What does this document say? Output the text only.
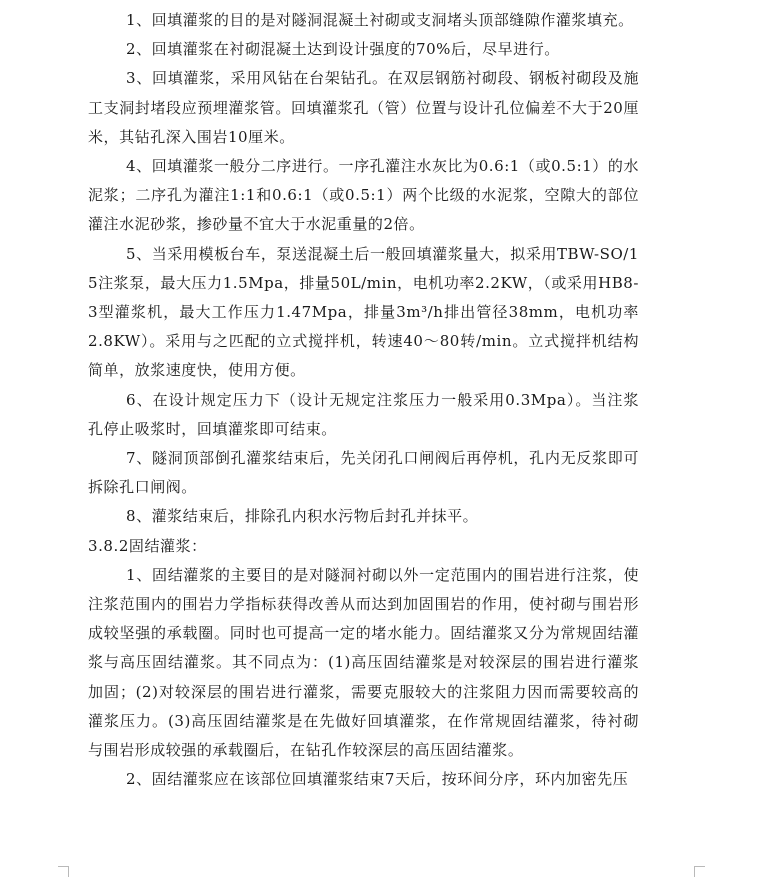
1、回填灌浆的目的是对隧洞混凝土衬砌或支洞堵头顶部缝隙作灌浆填充。

2、回填灌浆在衬砌混凝土达到设计强度的70%后，尽早进行。

3、回填灌浆，采用风钻在台架钻孔。在双层钢筋衬砌段、钢板衬砌段及施工支洞封堵段应预埋灌浆管。回填灌浆孔（管）位置与设计孔位偏差不大于20厘米，其钻孔深入围岩10厘米。

4、回填灌浆一般分二序进行。一序孔灌注水灰比为0.6:1（或0.5:1）的水泥浆；二序孔为灌注1:1和0.6:1（或0.5:1）两个比级的水泥浆，空隙大的部位灌注水泥砂浆，掺砂量不宜大于水泥重量的2倍。

5、当采用模板台车，泵送混凝土后一般回填灌浆量大，拟采用TBW-SO/15注浆泵，最大压力1.5Mpa，排量50L/min，电机功率2.2KW，（或采用HB8-3型灌浆机，最大工作压力1.47Mpa，排量3m³/h排出管径38mm，电机功率2.8KW）。采用与之匹配的立式搅拌机，转速40～80转/min。立式搅拌机结构简单，放浆速度快，使用方便。

6、在设计规定压力下（设计无规定注浆压力一般采用0.3Mpa）。当注浆孔停止吸浆时，回填灌浆即可结束。

7、隧洞顶部倒孔灌浆结束后，先关闭孔口闸阀后再停机，孔内无反浆即可拆除孔口闸阀。

8、灌浆结束后，排除孔内积水污物后封孔并抹平。

3.8.2固结灌浆：

1、固结灌浆的主要目的是对隧洞衬砌以外一定范围内的围岩进行注浆，使注浆范围内的围岩力学指标获得改善从而达到加固围岩的作用，使衬砌与围岩形成较坚强的承载圈。同时也可提高一定的堵水能力。固结灌浆又分为常规固结灌浆与高压固结灌浆。其不同点为：(1)高压固结灌浆是对较深层的围岩进行灌浆加固；(2)对较深层的围岩进行灌浆，需要克服较大的注浆阻力因而需要较高的灌浆压力。(3)高压固结灌浆是在先做好回填灌浆，在作常规固结灌浆，待衬砌与围岩形成较强的承载圈后，在钻孔作较深层的高压固结灌浆。

2、固结灌浆应在该部位回填灌浆结束7天后，按环间分序，环内加密先压
